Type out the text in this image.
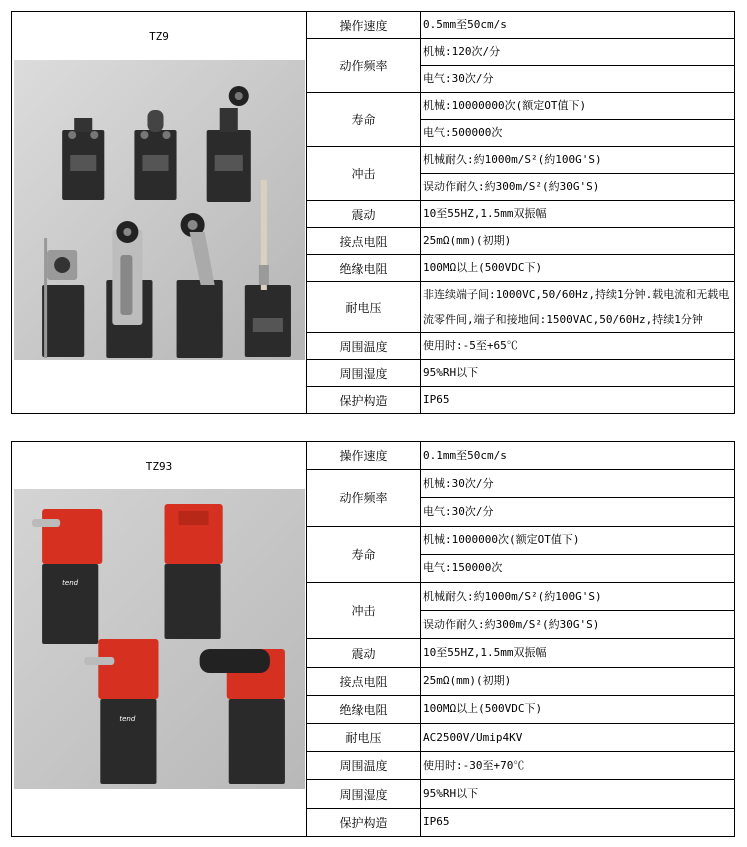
TZ9	操作速度	0.5mm至50cm/s
	动作频率	机械:120次/分
		电气:30次/分
	寿命	机械:10000000次(额定OT值下)
		电气:500000次
	冲击	机械耐久:約1000m/S²(約100G'S)
		误动作耐久:約300m/S²(約30G'S)
	震动	10至55HZ,1.5mm双振幅
	接点电阻	25mΩ(mm)(初期)
	绝缘电阻	100MΩ以上(500VDC下)
	耐电压	非连续端子间:1000VC,50/60Hz,持续1分钟.载电流和无载电流零件间,端子和接地间:1500VAC,50/60Hz,持续1分钟
	周围温度	使用时:-5至+65℃
	周围湿度	95%RH以下
	保护构造	IP65
TZ93
tend
tend	操作速度	0.1mm至50cm/s
	动作频率	机械:30次/分
		电气:30次/分
	寿命	机械:1000000次(额定OT值下)
		电气:150000次
	冲击	机械耐久:約1000m/S²(約100G'S)
		误动作耐久:約300m/S²(約30G'S)
	震动	10至55HZ,1.5mm双振幅
	接点电阻	25mΩ(mm)(初期)
	绝缘电阻	100MΩ以上(500VDC下)
	耐电压	AC2500V/Umip4KV
	周围温度	使用时:-30至+70℃
	周围湿度	95%RH以下
	保护构造	IP65
